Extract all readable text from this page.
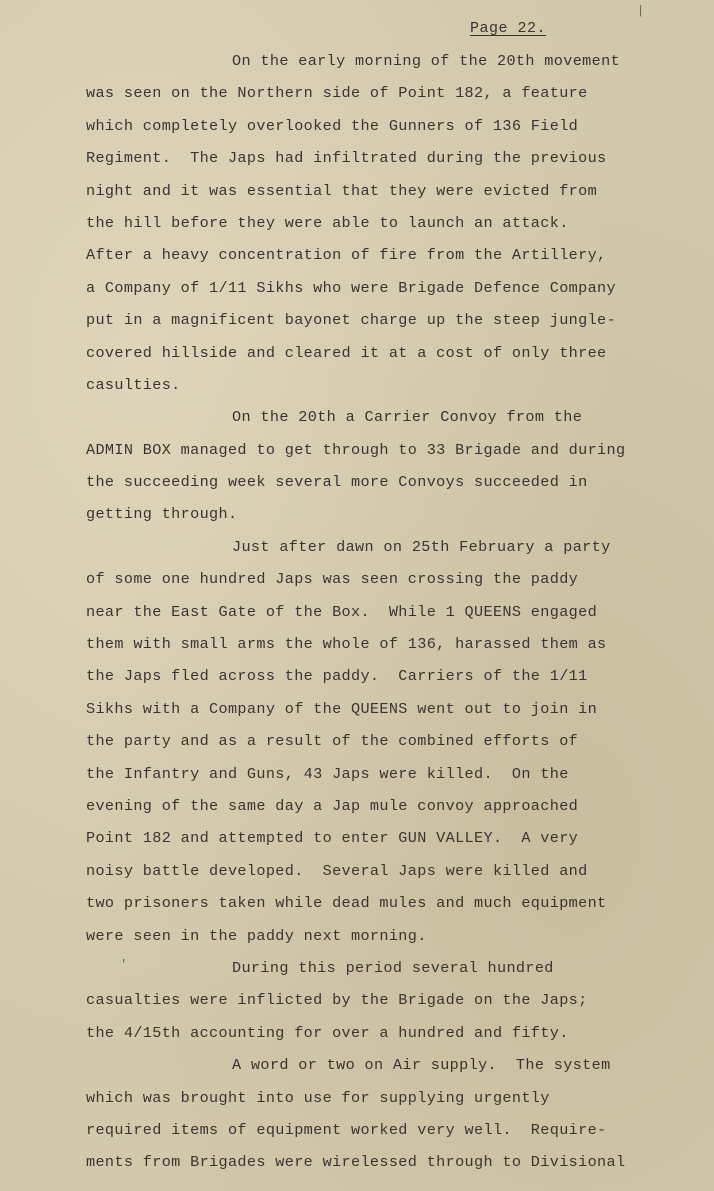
Page 22.
On the early morning of the 20th movement
was seen on the Northern side of Point 182, a feature
which completely overlooked the Gunners of 136 Field
Regiment.  The Japs had infiltrated during the previous
night and it was essential that they were evicted from
the hill before they were able to launch an attack.
After a heavy concentration of fire from the Artillery,
a Company of 1/11 Sikhs who were Brigade Defence Company
put in a magnificent bayonet charge up the steep jungle-
covered hillside and cleared it at a cost of only three
casulties.
On the 20th a Carrier Convoy from the
ADMIN BOX managed to get through to 33 Brigade and during
the succeeding week several more Convoys succeeded in
getting through.
Just after dawn on 25th February a party
of some one hundred Japs was seen crossing the paddy
near the East Gate of the Box.  While 1 QUEENS engaged
them with small arms the whole of 136, harassed them as
the Japs fled across the paddy.  Carriers of the 1/11
Sikhs with a Company of the QUEENS went out to join in
the party and as a result of the combined efforts of
the Infantry and Guns, 43 Japs were killed.  On the
evening of the same day a Jap mule convoy approached
Point 182 and attempted to enter GUN VALLEY.  A very
noisy battle developed.  Several Japs were killed and
two prisoners taken while dead mules and much equipment
were seen in the paddy next morning.
During this period several hundred
casualties were inflicted by the Brigade on the Japs;
the 4/15th accounting for over a hundred and fifty.
A word or two on Air supply.  The system
which was brought into use for supplying urgently
required items of equipment worked very well.  Require-
ments from Brigades were wirelessed through to Divisional
'
|
